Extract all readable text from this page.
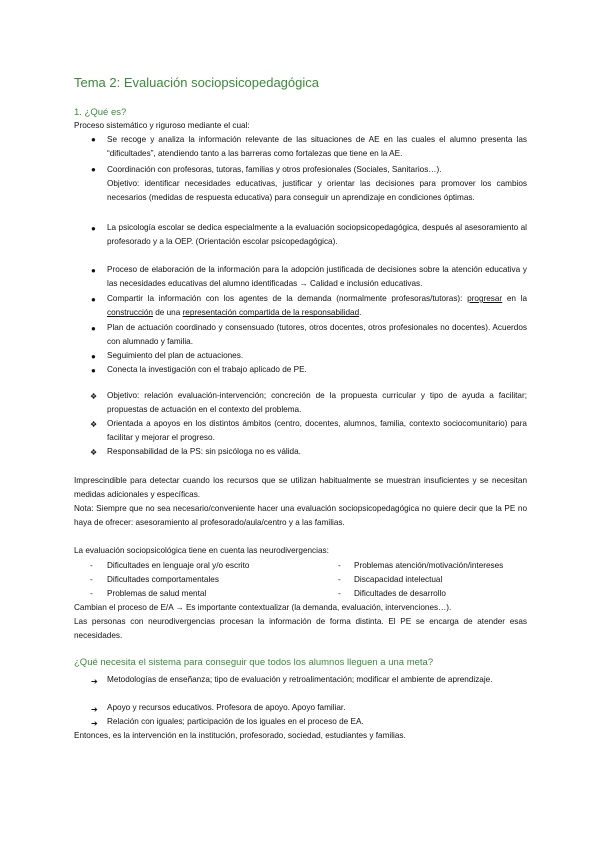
Tema 2: Evaluación sociopsicopedagógica
1. ¿Qué es?
Proceso sistemático y riguroso mediante el cual:
● Se recoge y analiza la información relevante de las situaciones de AE en las cuales el alumno presenta las “dificultades”, atendiendo tanto a las barreras como fortalezas que tiene en la AE.
● Coordinación con profesoras, tutoras, familias y otros profesionales (Sociales, Sanitarios…).
Objetivo: identificar necesidades educativas, justificar y orientar las decisiones para promover los cambios necesarios (medidas de respuesta educativa) para conseguir un aprendizaje en condiciones óptimas.
● La psicología escolar se dedica especialmente a la evaluación sociopsicopedagógica, después al asesoramiento al profesorado y a la OEP. (Orientación escolar psicopedagógica).
● Proceso de elaboración de la información para la adopción justificada de decisiones sobre la atención educativa y las necesidades educativas del alumno identificadas → Calidad e inclusión educativas.
● Compartir la información con los agentes de la demanda (normalmente profesoras/tutoras): progresar en la construcción de una representación compartida de la responsabilidad.
● Plan de actuación coordinado y consensuado (tutores, otros docentes, otros profesionales no docentes). Acuerdos con alumnado y familia.
● Seguimiento del plan de actuaciones.
● Conecta la investigación con el trabajo aplicado de PE.
❖ Objetivo: relación evaluación-intervención; concreción de la propuesta curricular y tipo de ayuda a facilitar; propuestas de actuación en el contexto del problema.
❖ Orientada a apoyos en los distintos ámbitos (centro, docentes, alumnos, familia, contexto sociocomunitario) para facilitar y mejorar el progreso.
❖ Responsabilidad de la PS: sin psicóloga no es válida.
Imprescindible para detectar cuando los recursos que se utilizan habitualmente se muestran insuficientes y se necesitan medidas adicionales y específicas.
Nota: Siempre que no sea necesario/conveniente hacer una evaluación sociopsicopedagógica no quiere decir que la PE no haya de ofrecer: asesoramiento al profesorado/aula/centro y a las familias.
La evaluación sociopsicológica tiene en cuenta las neurodivergencias:
- Dificultades en lenguaje oral y/o escrito	- Problemas atención/motivación/intereses
- Dificultades comportamentales	- Discapacidad intelectual
- Problemas de salud mental	- Dificultades de desarrollo
Cambian el proceso de E/A → Es importante contextualizar (la demanda, evaluación, intervenciones…).
Las personas con neurodivergencias procesan la información de forma distinta. El PE se encarga de atender esas necesidades.
¿Qué necesita el sistema para conseguir que todos los alumnos lleguen a una meta?
➔ Metodologías de enseñanza; tipo de evaluación y retroalimentación; modificar el ambiente de aprendizaje.
➔ Apoyo y recursos educativos. Profesora de apoyo. Apoyo familiar.
➔ Relación con iguales; participación de los iguales en el proceso de EA.
Entonces, es la intervención en la institución, profesorado, sociedad, estudiantes y familias.
